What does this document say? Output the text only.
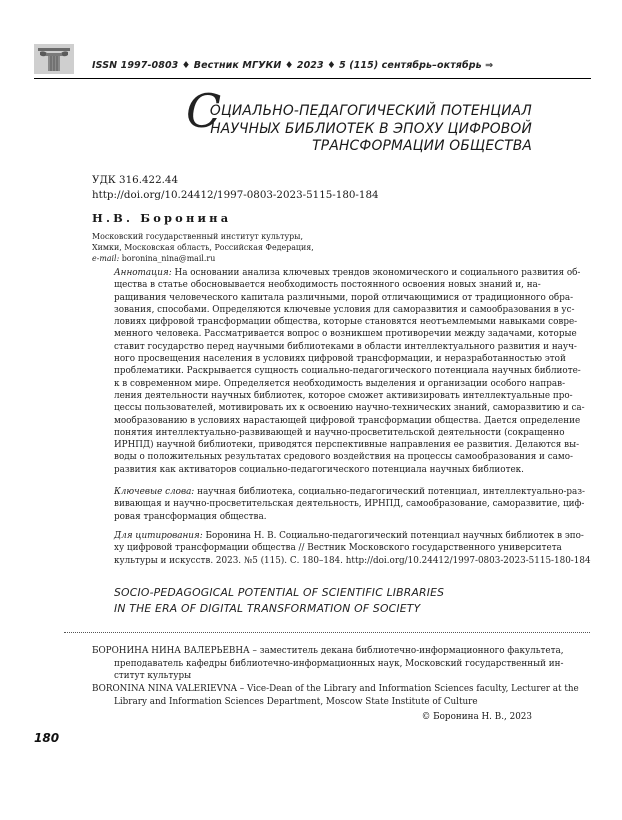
ISSN 1997-0803 ♦ Вестник МГУКИ ♦ 2023 ♦ 5 (115) сентябрь–октябрь ⇒
С
ОЦИАЛЬНО-ПЕДАГОГИЧЕСКИЙ ПОТЕНЦИАЛ
НАУЧНЫХ БИБЛИОТЕК В ЭПОХУ ЦИФРОВОЙ
ТРАНСФОРМАЦИИ ОБЩЕСТВА
УДК 316.422.44
http://doi.org/10.24412/1997-0803-2023-5115-180-184
Н.В. Боронина
Московский государственный институт культуры,
Химки, Московская область, Российская Федерация,
e-mail: boronina_nina@mail.ru
Аннотация: На основании анализа ключевых трендов экономического и социального развития об-
щества в статье обосновывается необходимость постоянного освоения новых знаний и, на-
ращивания человеческого капитала различными, порой отличающимися от традиционного обра-
зования, способами. Определяются ключевые условия для саморазвития и самообразования в ус-
ловиях цифровой трансформации общества, которые становятся неотъемлемыми навыками совре-
менного человека. Рассматривается вопрос о возникшем противоречии между задачами, которые
ставит государство перед научными библиотеками в области интеллектуального развития и науч-
ного просвещения населения в условиях цифровой трансформации, и неразработанностью этой
проблематики. Раскрывается сущность социально-педагогического потенциала научных библиоте-
к в современном мире. Определяется необходимость выделения и организации особого направ-
ления деятельности научных библиотек, которое сможет активизировать интеллектуальные про-
цессы пользователей, мотивировать их к освоению научно-технических знаний, саморазвитию и са-
мообразованию в условиях нарастающей цифровой трансформации общества. Дается определение
понятия интеллектуально-развивающей и научно-просветительской деятельности (сокращенно
ИРНПД) научной библиотеки, приводятся перспективные направления ее развития. Делаются вы-
воды о положительных результатах средового воздействия на процессы самообразования и само-
развития как активаторов социально-педагогического потенциала научных библиотек.
Ключевые слова: научная библиотека, социально-педагогический потенциал, интеллектуально-раз-
вивающая и научно-просветительская деятельность, ИРНПД, самообразование, саморазвитие, циф-
ровая трансформация общества.
Для цитирования: Боронина Н. В. Социально-педагогический потенциал научных библиотек в эпо-
ху цифровой трансформации общества // Вестник Московского государственного университета
культуры и искусств. 2023. №5 (115). С. 180–184. http://doi.org/10.24412/1997-0803-2023-5115-180-184
SOCIO-PEDAGOGICAL POTENTIAL OF SCIENTIFIC LIBRARIES
IN THE ERA OF DIGITAL TRANSFORMATION OF SOCIETY
БОРОНИНА НИНА ВАЛЕРЬЕВНА – заместитель декана библиотечно-информационного факультета,
преподаватель кафедры библиотечно-информационных наук, Московский государственный ин-
ститут культуры
BORONINA NINA VALERIEVNA – Vice-Dean of the Library and Information Sciences faculty, Lecturer at the
Library and Information Sciences Department, Moscow State Institute of Culture
© Боронина Н. В., 2023
180
